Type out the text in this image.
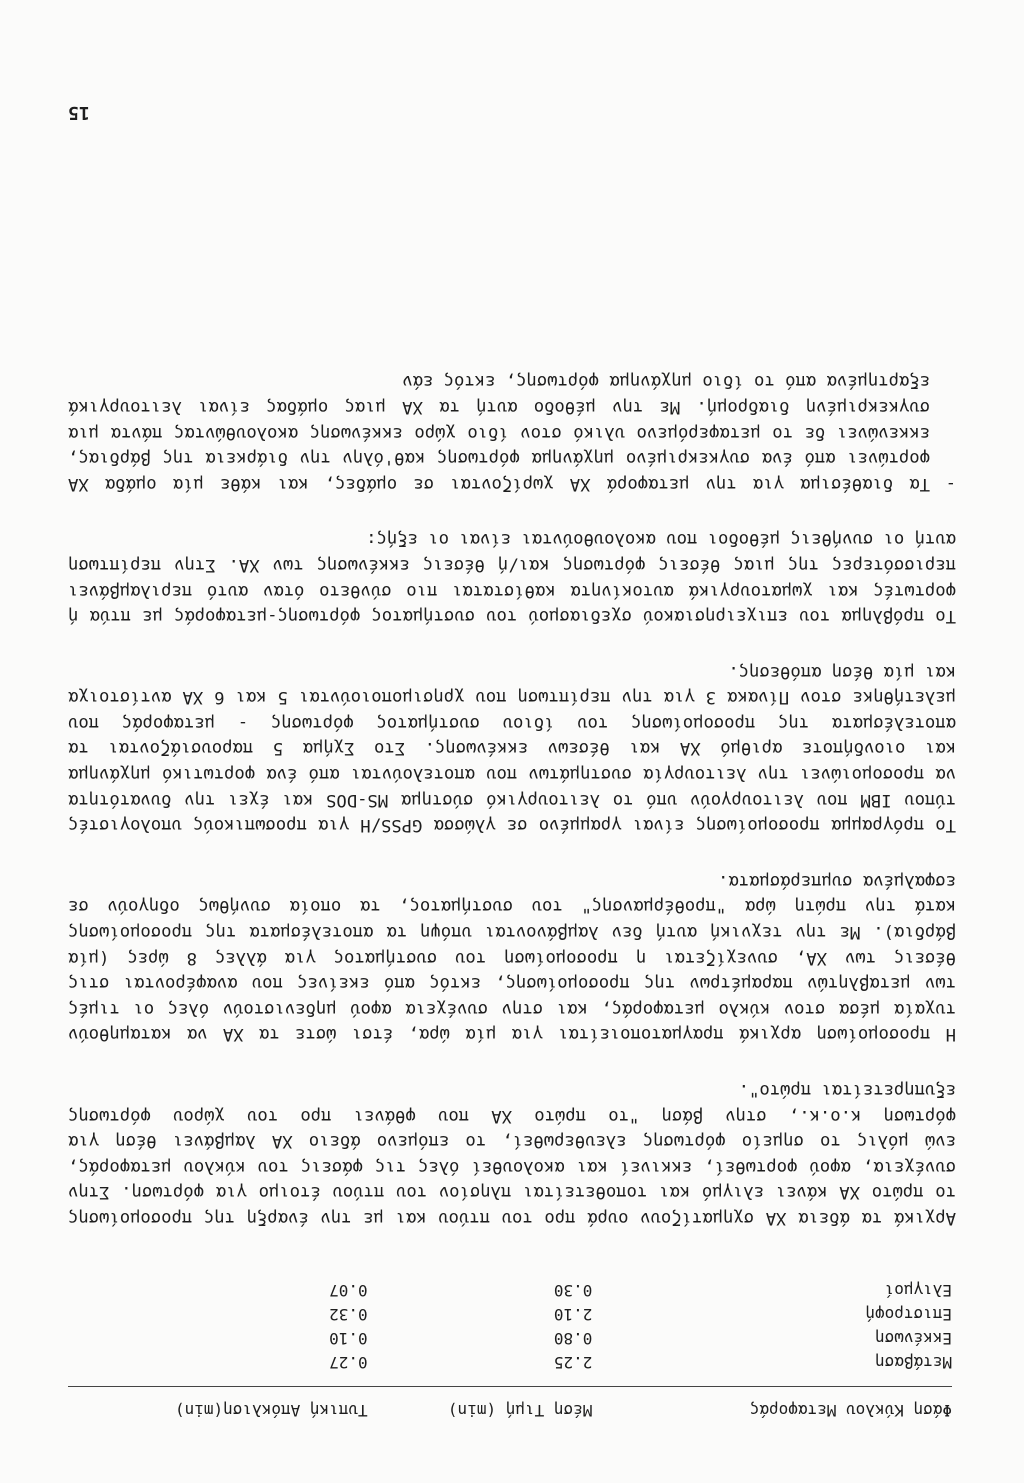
Φάση Κύκλου Μεταφοράς
Μέση Τιμή (min)
Τυπική Απόκλιση(min)
Μετάβαση
2.25
0.27
Εκκένωση
0.80
0.10
Επιστροφή
2.10
0.32
Ελιγμοί
0.30
0.07

Αρχικά τα άδεια ΧΑ σχηματίζουν ουρά προ του πτύου και με την έναρξη της προσομοίωσης το πρώτο ΧΑ κάνει ελιγμό και τοποθετείται πλησίον του πτύου έτοιμο για φόρτωση. Στην συνέχεια, αφού φορτωθεί, εκκινεί και ακολουθεί όλες τις φάσεις του κύκλου μεταφοράς, ενώ μόλις το σημείο φόρτωσης ελευθερωθεί, το επόμενο άδειο ΧΑ λαμβάνει θέση για φόρτωση κ.ο.κ., στην βάση "το πρώτο ΧΑ που φθάνει προ του χώρου φόρτωσης εξυπηρετείται πρώτο".

Η προσομοίωση αρχικά πραγματοποιείται για μία ώρα, έτσι ώστε τα ΧΑ να καταμηθούν τυχαία μέσα στον κύκλο μεταφοράς, και στην συνέχεια αφού μηδενιστούν όλες οι τιμές των μεταβλητών παραμέτρων της προσομοίωσης, εκτός από εκείνες που αναφέρονται στις θέσεις των ΧΑ, συνεχίζεται η προσομοίωση του συστήματος για άλλες 8 ώρες (μία βάρδια). Με την τεχνική αυτή δεν λαμβάνονται υπόψη τα αποτελέσματα της προσομοίωσης κατά την πρώτη ώρα "προθέρμανσης" του συστήματος, τα οποία συνήθως οδηγούν σε εσφαλμένα συμπεράσματα.

Το πρόγραμμα προσομοίωσης είναι γραμμένο σε γλώσσα GPSS/H για προσωπικούς υπολογιστές τύπου IBM που λειτουργούν υπό το λειτουργικό σύστημα MS-DOS και έχει την δυνατότητα να προσομοιώνει την λειτουργία συστημάτων που αποτελούνται από ένα φορτωτικό μηχάνημα και οιονδήποτε αριθμό ΧΑ και θέσεων εκκένωσης. Στο Σχήμα 5 παρουσιάζονται τα αποτελέσματα της προσομοίωσης του ίδιου συστήματος φόρτωσης - μεταφοράς που μελετήθηκε στον Πίνακα 3 για την περίπτωση που χρησιμοποιούνται 5 και 6 ΧΑ αντίστοιχα και μία θέση απόθεσης.

Το πρόβλημα του επιχειρησιακού σχεδιασμού του συστήματος φόρτωσης-μεταφοράς με πτύα ή φορτωτές και χωματουργικά αυτοκίνητα καθίσταται πιο σύνθετο όταν αυτό περιλαμβάνει περισσότερες της μιας θέσεις φόρτωσης και/ή θέσεις εκκένωσης των ΧΑ. Στην περίπτωση αυτή οι συνήθεις μέθοδοι που ακολουθούνται είναι οι εξής:

-
Τα διαθέσιμα για την μεταφορά ΧΑ χωρίζονται σε ομάδες, και κάθε μία ομάδα ΧΑ φορτώνει από ένα συγκεκριμένο μηχάνημα φόρτωσης καθ'όλην την διάρκεια της βάρδιας, εκκενώνει δε το μεταφερόμενο υλικό στον ίδιο χώρο εκκένωσης ακολουθώντας πάντα μια συγκεκριμένη διαδρομή. Με την μέθοδο αυτή τα ΧΑ μιας ομάδας είναι λειτουργικά εξαρτημένα από το ίδιο μηχάνημα φόρτωσης, εκτός εάν
15
